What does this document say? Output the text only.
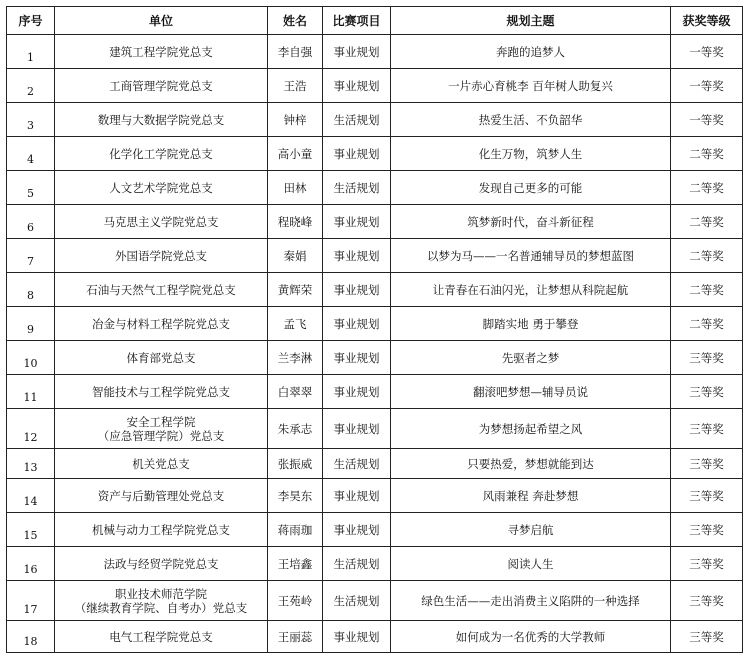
序号	单位	姓名	比赛项目	规划主题	获奖等级
1	建筑工程学院党总支	李自强	事业规划	奔跑的追梦人	一等奖
2	工商管理学院党总支	王浩	事业规划	一片赤心育桃李 百年树人助复兴	一等奖
3	数理与大数据学院党总支	钟梓	生活规划	热爱生活、不负韶华	一等奖
4	化学化工学院党总支	高小童	事业规划	化生万物，筑梦人生	二等奖
5	人文艺术学院党总支	田林	生活规划	发现自己更多的可能	二等奖
6	马克思主义学院党总支	程晓峰	事业规划	筑梦新时代，奋斗新征程	二等奖
7	外国语学院党总支	秦娟	事业规划	以梦为马——一名普通辅导员的梦想蓝图	二等奖
8	石油与天然气工程学院党总支	黄辉荣	事业规划	让青春在石油闪光，让梦想从科院起航	二等奖
9	冶金与材料工程学院党总支	孟飞	事业规划	脚踏实地 勇于攀登	二等奖
10	体育部党总支	兰李淋	事业规划	先驱者之梦	三等奖
11	智能技术与工程学院党总支	白翠翠	事业规划	翻滚吧梦想—辅导员说	三等奖
12	安全工程学院
（应急管理学院）党总支	朱承志	事业规划	为梦想扬起希望之风	三等奖
13	机关党总支	张振威	生活规划	只要热爱，梦想就能到达	三等奖
14	资产与后勤管理处党总支	李昊东	事业规划	风雨兼程 奔赴梦想	三等奖
15	机械与动力工程学院党总支	蒋雨珈	事业规划	寻梦启航	三等奖
16	法政与经贸学院党总支	王培鑫	生活规划	阅读人生	三等奖
17	职业技术师范学院
（继续教育学院、自考办）党总支	王苑岭	生活规划	绿色生活——走出消费主义陷阱的一种选择	三等奖
18	电气工程学院党总支	王丽蕊	事业规划	如何成为一名优秀的大学教师	三等奖
